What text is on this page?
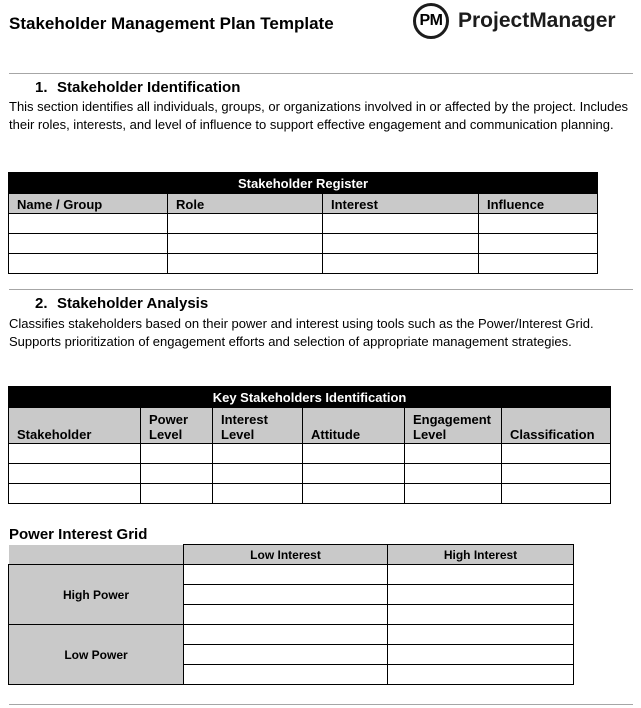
Stakeholder Management Plan Template	PM ProjectManager
1. Stakeholder Identification
This section identifies all individuals, groups, or organizations involved in or affected by the project. Includes their roles, interests, and level of influence to support effective engagement and communication planning.
Stakeholder Register			
Name / Group	Role	Interest	Influence

2. Stakeholder Analysis
Classifies stakeholders based on their power and interest using tools such as the Power/Interest Grid. Supports prioritization of engagement efforts and selection of appropriate management strategies.
Key Stakeholders Identification					
Stakeholder	Power Level	Interest Level	Attitude	Engagement Level	Classification

Power Interest Grid
	Low Interest	High Interest
High Power		

Low Power		
